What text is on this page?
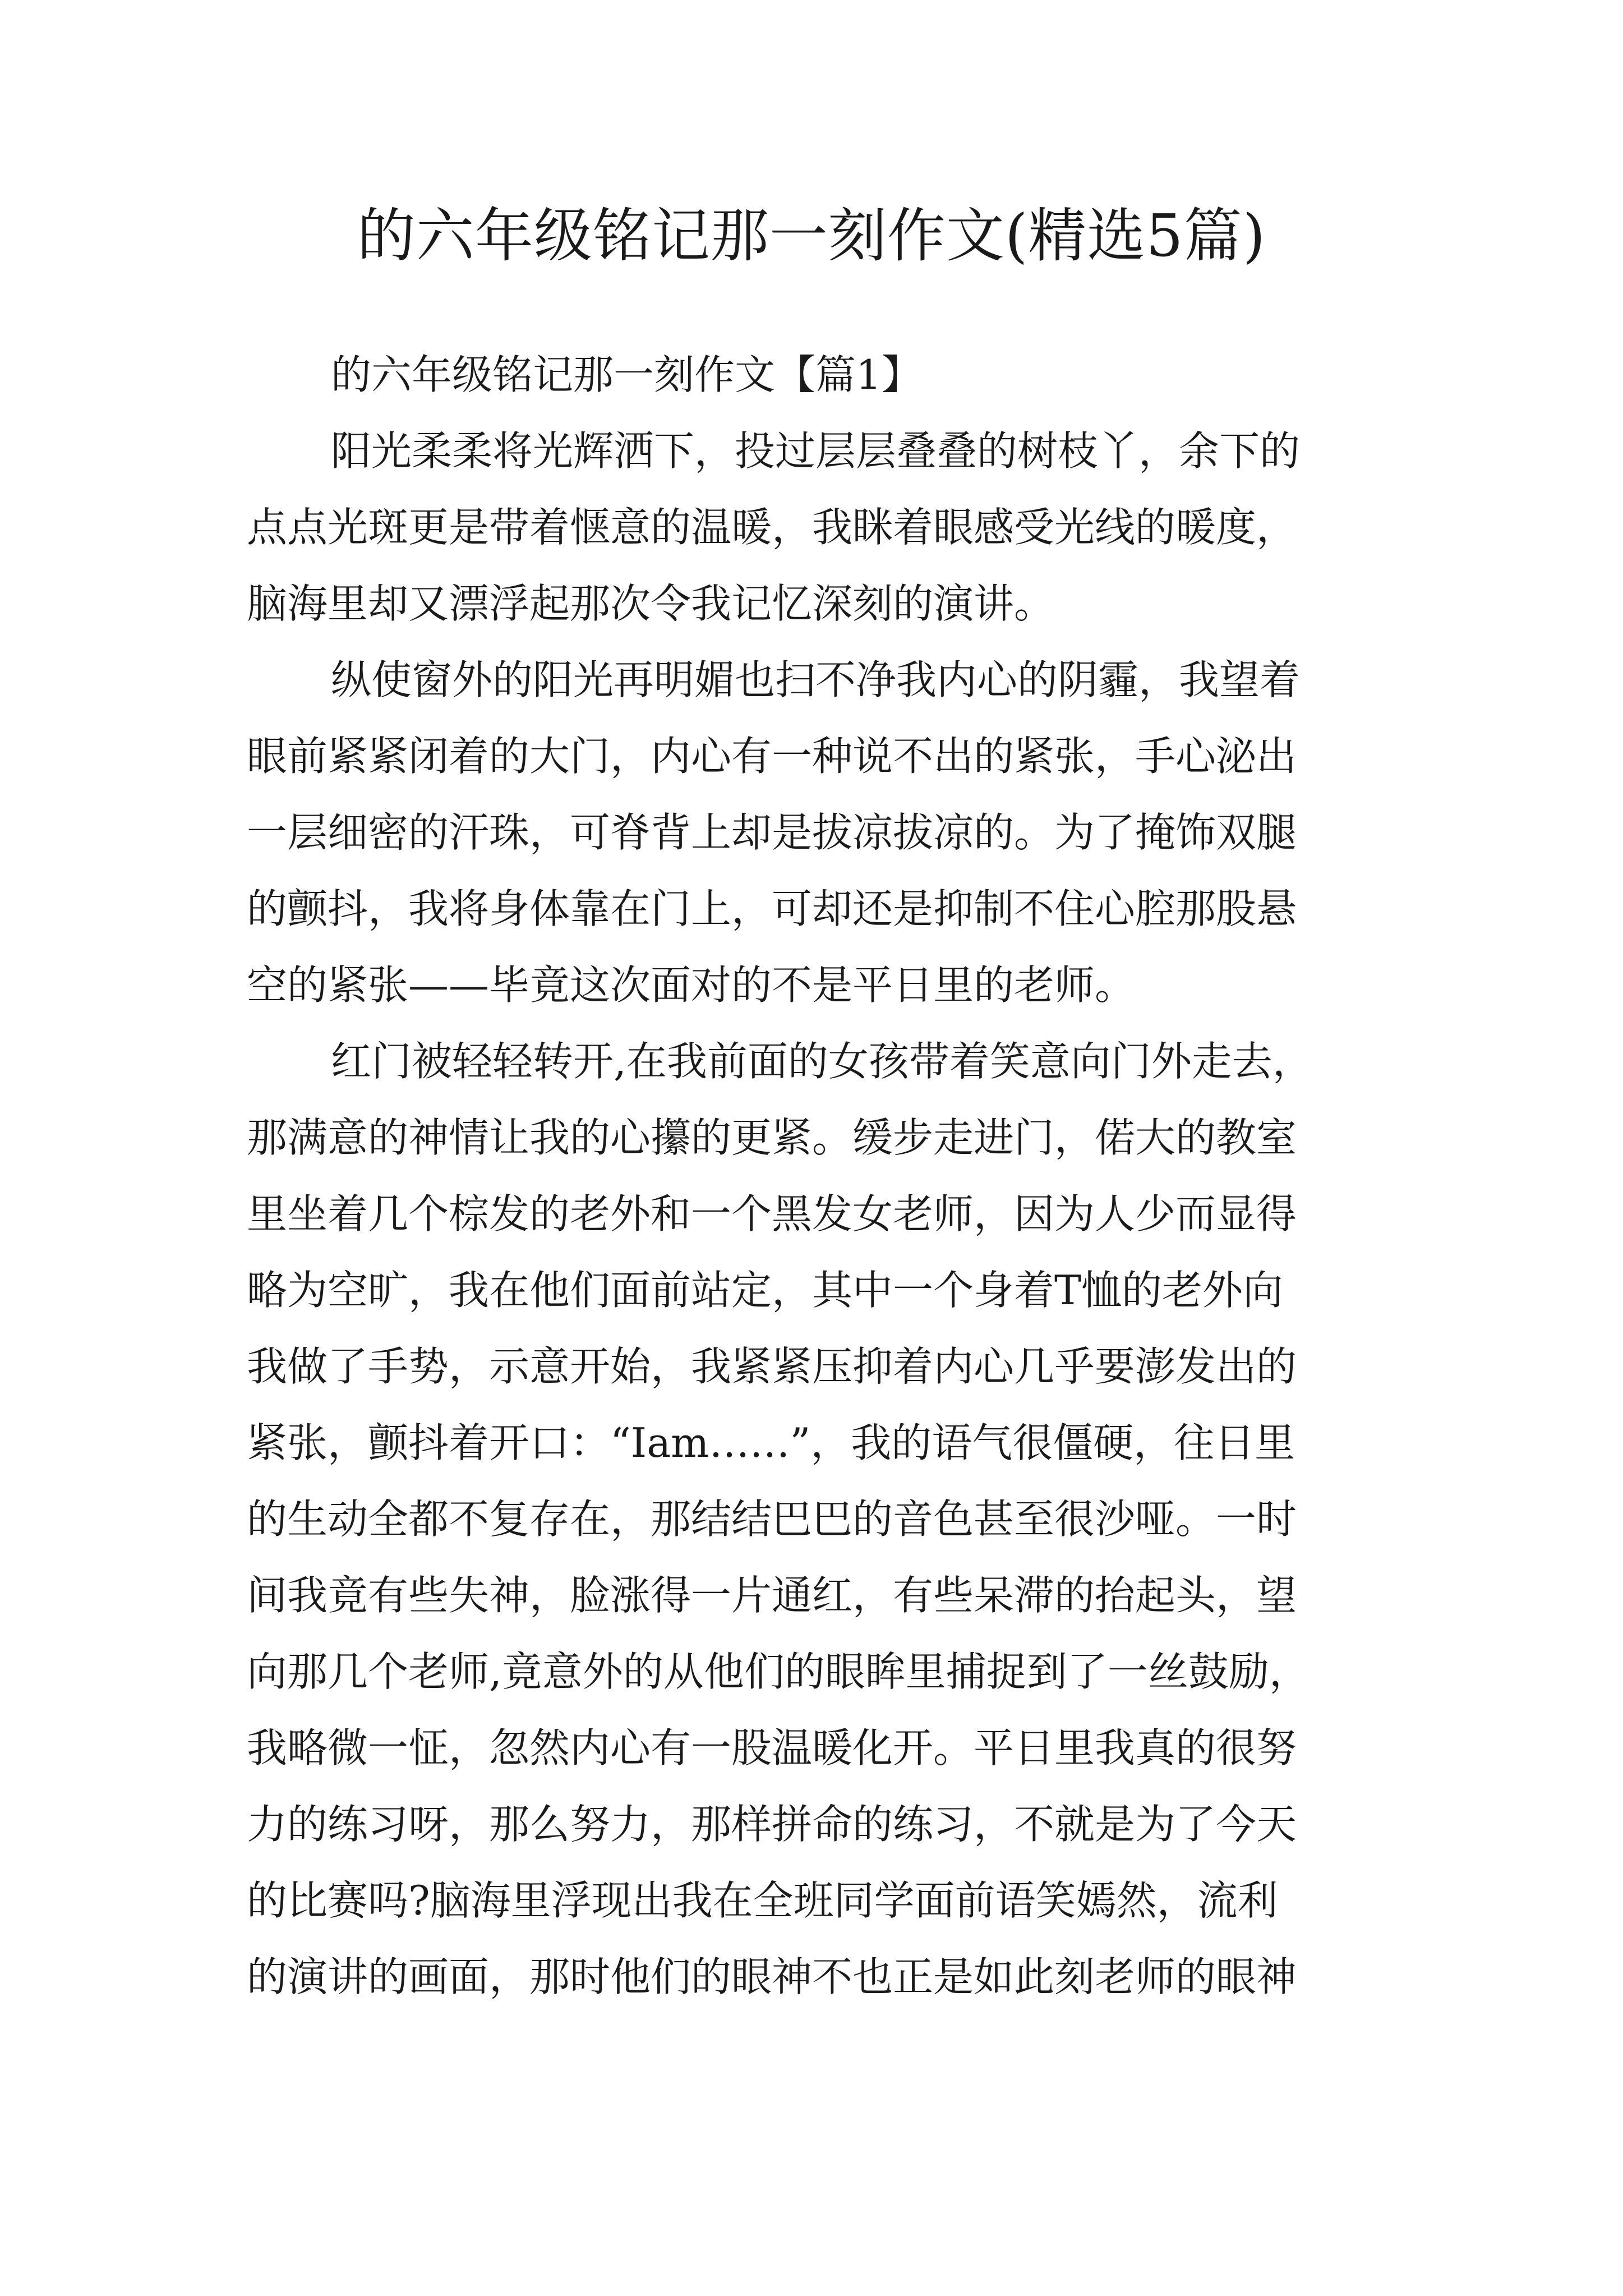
的六年级铭记那一刻作文(精选5篇)

的六年级铭记那一刻作文【篇1】

阳光柔柔将光辉洒下，投过层层叠叠的树枝丫，余下的

点点光斑更是带着惬意的温暖，我眯着眼感受光线的暖度，

脑海里却又漂浮起那次令我记忆深刻的演讲。

纵使窗外的阳光再明媚也扫不净我内心的阴霾，我望着

眼前紧紧闭着的大门，内心有一种说不出的紧张，手心泌出

一层细密的汗珠，可脊背上却是拔凉拔凉的。为了掩饰双腿

的颤抖，我将身体靠在门上，可却还是抑制不住心腔那股悬

空的紧张——毕竟这次面对的不是平日里的老师。

红门被轻轻转开,在我前面的女孩带着笑意向门外走去，

那满意的神情让我的心攥的更紧。缓步走进门，偌大的教室

里坐着几个棕发的老外和一个黑发女老师，因为人少而显得

略为空旷，我在他们面前站定，其中一个身着T恤的老外向

我做了手势，示意开始，我紧紧压抑着内心几乎要澎发出的

紧张，颤抖着开口：“Iam……”，我的语气很僵硬，往日里

的生动全都不复存在，那结结巴巴的音色甚至很沙哑。一时

间我竟有些失神，脸涨得一片通红，有些呆滞的抬起头，望

向那几个老师,竟意外的从他们的眼眸里捕捉到了一丝鼓励，

我略微一怔，忽然内心有一股温暖化开。平日里我真的很努

力的练习呀，那么努力，那样拼命的练习，不就是为了今天

的比赛吗?脑海里浮现出我在全班同学面前语笑嫣然，流利

的演讲的画面，那时他们的眼神不也正是如此刻老师的眼神
